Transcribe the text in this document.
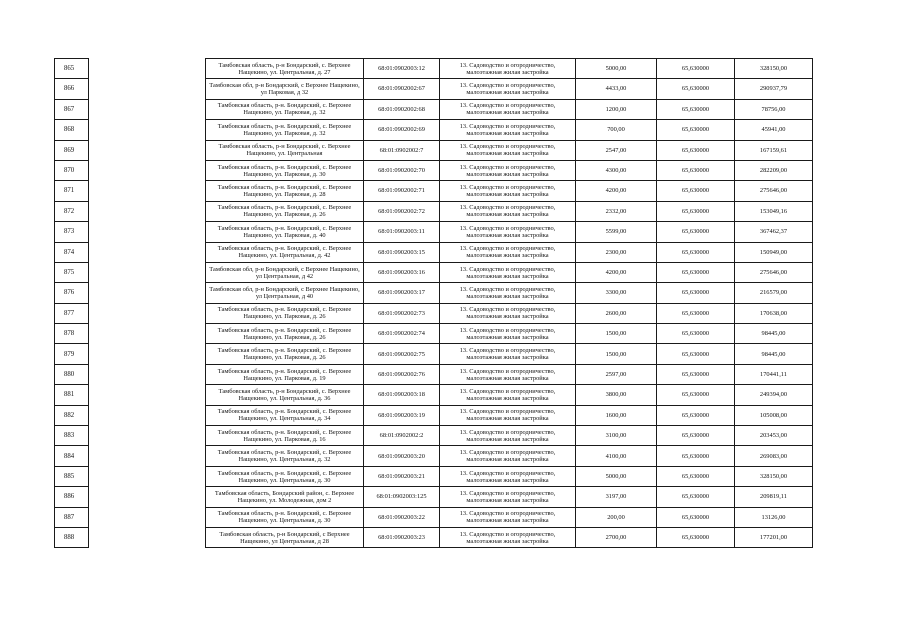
865		Тамбовская область, р-н Бондарский, с. Верхнее Нащекино, ул. Центральная, д. 27	68:01:0902003:12	13. Садоводство и огородничество, малоэтажная жилая застройка	5000,00	65,630000	328150,00
866		Тамбовская обл, р-н Бондарский, с Верхнее Нащекино, ул Парковая, д 32	68:01:0902002:67	13. Садоводство и огородничество, малоэтажная жилая застройка	4433,00	65,630000	290937,79
867		Тамбовская область, р-н. Бондарский, с. Верхнее Нащекино, ул. Парковая, д. 32	68:01:0902002:68	13. Садоводство и огородничество, малоэтажная жилая застройка	1200,00	65,630000	78756,00
868		Тамбовская область, р-н. Бондарский, с. Верхнее Нащекино, ул. Парковая, д. 32	68:01:0902002:69	13. Садоводство и огородничество, малоэтажная жилая застройка	700,00	65,630000	45941,00
869		Тамбовская область, р-н Бондарский, с. Верхнее Нащекино, ул. Центральная	68:01:0902002:7	13. Садоводство и огородничество, малоэтажная жилая застройка	2547,00	65,630000	167159,61
870		Тамбовская область, р-н. Бондарский, с. Верхнее Нащекино, ул. Парковая, д. 30	68:01:0902002:70	13. Садоводство и огородничество, малоэтажная жилая застройка	4300,00	65,630000	282209,00
871		Тамбовская область, р-н. Бондарский, с. Верхнее Нащекино, ул. Парковая, д. 28	68:01:0902002:71	13. Садоводство и огородничество, малоэтажная жилая застройка	4200,00	65,630000	275646,00
872		Тамбовская область, р-н. Бондарский, с. Верхнее Нащекино, ул. Парковая, д. 26	68:01:0902002:72	13. Садоводство и огородничество, малоэтажная жилая застройка	2332,00	65,630000	153049,16
873		Тамбовская область, р-н. Бондарский, с. Верхнее Нащекино, ул. Парковая, д. 40	68:01:0902003:11	13. Садоводство и огородничество, малоэтажная жилая застройка	5599,00	65,630000	367462,37
874		Тамбовская область, р-н. Бондарский, с. Верхнее Нащекино, ул. Центральная, д. 42	68:01:0902003:15	13. Садоводство и огородничество, малоэтажная жилая застройка	2300,00	65,630000	150949,00
875		Тамбовская обл, р-н Бондарский, с Верхнее Нащекино, ул Центральная, д 42	68:01:0902003:16	13. Садоводство и огородничество, малоэтажная жилая застройка	4200,00	65,630000	275646,00
876		Тамбовская обл, р-н Бондарский, с Верхнее Нащекино, ул Центральная, д 40	68:01:0902003:17	13. Садоводство и огородничество, малоэтажная жилая застройка	3300,00	65,630000	216579,00
877		Тамбовская область, р-н. Бондарский, с. Верхнее Нащекино, ул. Парковая, д. 26	68:01:0902002:73	13. Садоводство и огородничество, малоэтажная жилая застройка	2600,00	65,630000	170638,00
878		Тамбовская область, р-н. Бондарский, с. Верхнее Нащекино, ул. Парковая, д. 26	68:01:0902002:74	13. Садоводство и огородничество, малоэтажная жилая застройка	1500,00	65,630000	98445,00
879		Тамбовская область, р-н. Бондарский, с. Верхнее Нащекино, ул. Парковая, д. 26	68:01:0902002:75	13. Садоводство и огородничество, малоэтажная жилая застройка	1500,00	65,630000	98445,00
880		Тамбовская область, р-н. Бондарский, с. Верхнее Нащекино, ул. Парковая, д. 19	68:01:0902002:76	13. Садоводство и огородничество, малоэтажная жилая застройка	2597,00	65,630000	170441,11
881		Тамбовская область, р-н Бондарский, с. Верхнее Нащекино, ул. Центральная, д. 36	68:01:0902003:18	13. Садоводство и огородничество, малоэтажная жилая застройка	3800,00	65,630000	249394,00
882		Тамбовская область, р-н. Бондарский, с. Верхнее Нащекино, ул. Центральная, д. 34	68:01:0902003:19	13. Садоводство и огородничество, малоэтажная жилая застройка	1600,00	65,630000	105008,00
883		Тамбовская область, р-н. Бондарский, с. Верхнее Нащекино, ул. Парковая, д. 16	68:01:0902002:2	13. Садоводство и огородничество, малоэтажная жилая застройка	3100,00	65,630000	203453,00
884		Тамбовская область, р-н. Бондарский, с. Верхнее Нащекино, ул. Центральная, д. 32	68:01:0902003:20	13. Садоводство и огородничество, малоэтажная жилая застройка	4100,00	65,630000	269083,00
885		Тамбовская область, р-н. Бондарский, с. Верхнее Нащекино, ул. Центральная, д. 30	68:01:0902003:21	13. Садоводство и огородничество, малоэтажная жилая застройка	5000,00	65,630000	328150,00
886		Тамбовская область, Бондарский район, с. Верхнее Нащекино, ул. Молодежная, дом 2	68:01:0902003:125	13. Садоводство и огородничество, малоэтажная жилая застройка	3197,00	65,630000	209819,11
887		Тамбовская область, р-н. Бондарский, с. Верхнее Нащекино, ул. Центральная, д. 30	68:01:0902003:22	13. Садоводство и огородничество, малоэтажная жилая застройка	200,00	65,630000	13126,00
888		Тамбовская область, р-н Бондарский, с Верхнее Нащекино, ул Центральная, д 28	68:01:0902003:23	13. Садоводство и огородничество, малоэтажная жилая застройка	2700,00	65,630000	177201,00
